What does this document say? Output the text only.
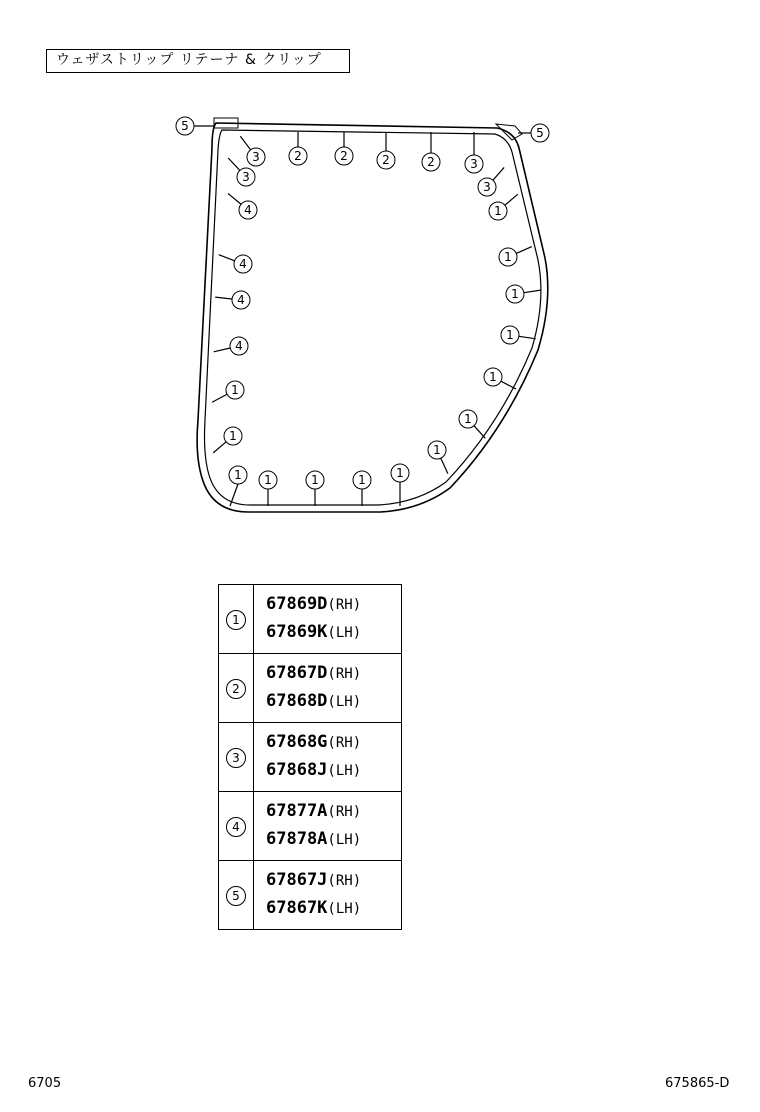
ウェザストリップ リテーナ & クリップ
5	5
3
3
2	2	2	2	3
3
1
4
4
4
4
1
1
1
1
1
1
1
1
1 1	1	1	1
1	67869D(RH)
67869K(LH)

2	67867D(RH)
67868D(LH)

3	67868G(RH)
67868J(LH)

4	67877A(RH)
67878A(LH)

5	67867J(RH)
67867K(LH)
6705	675865-D
